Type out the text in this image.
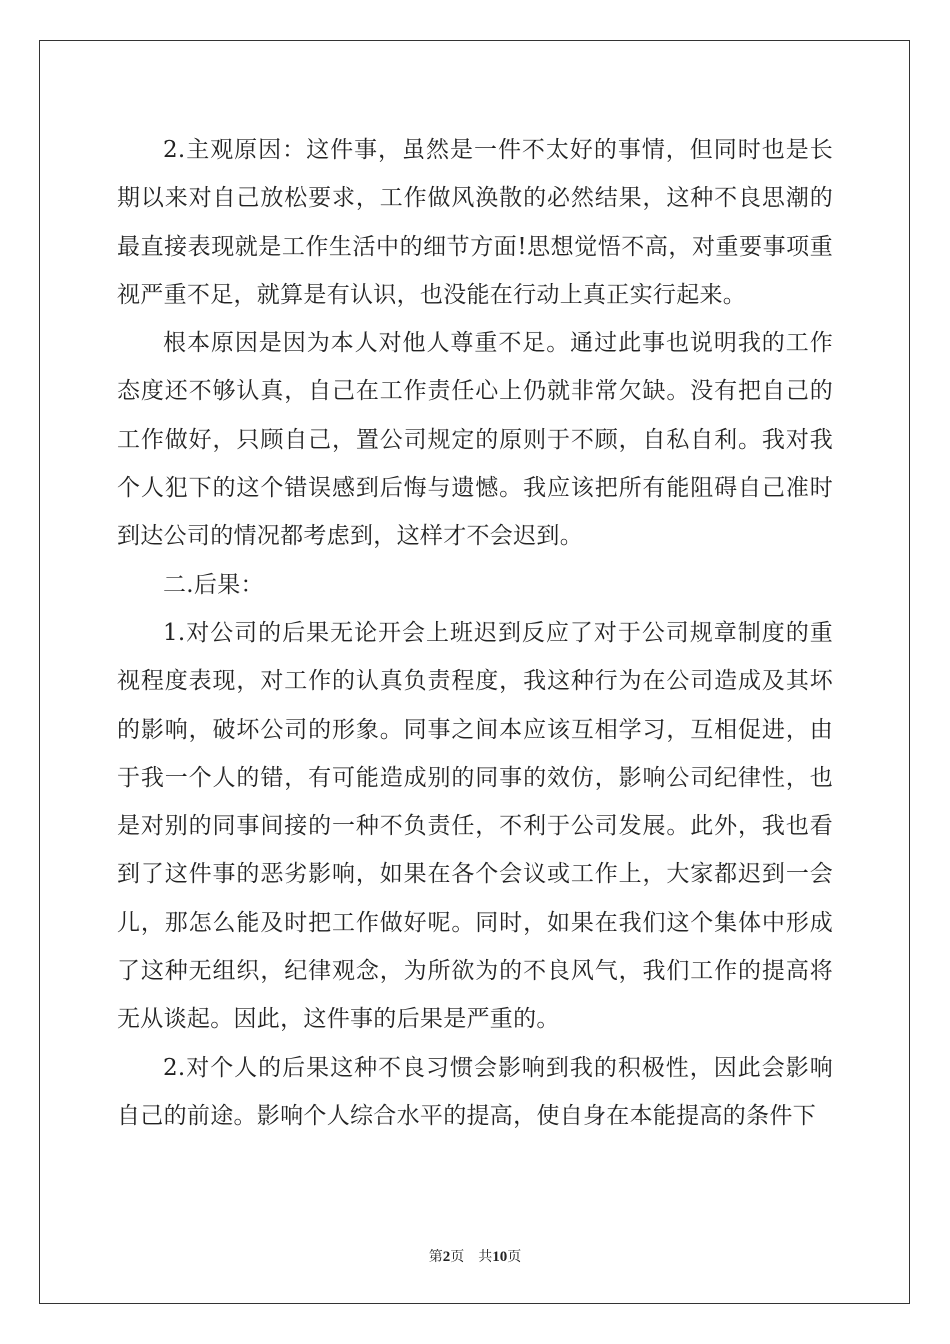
2.主观原因：这件事，虽然是一件不太好的事情，但同时也是长期以来对自己放松要求，工作做风涣散的必然结果，这种不良思潮的最直接表现就是工作生活中的细节方面!思想觉悟不高，对重要事项重视严重不足，就算是有认识，也没能在行动上真正实行起来。

根本原因是因为本人对他人尊重不足。通过此事也说明我的工作态度还不够认真，自己在工作责任心上仍就非常欠缺。没有把自己的工作做好，只顾自己，置公司规定的原则于不顾，自私自利。我对我个人犯下的这个错误感到后悔与遗憾。我应该把所有能阻碍自己准时到达公司的情况都考虑到，这样才不会迟到。

二.后果：

1.对公司的后果无论开会上班迟到反应了对于公司规章制度的重视程度表现，对工作的认真负责程度，我这种行为在公司造成及其坏的影响，破坏公司的形象。同事之间本应该互相学习，互相促进，由于我一个人的错，有可能造成别的同事的效仿，影响公司纪律性，也是对别的同事间接的一种不负责任，不利于公司发展。此外，我也看到了这件事的恶劣影响，如果在各个会议或工作上，大家都迟到一会儿，那怎么能及时把工作做好呢。同时，如果在我们这个集体中形成了这种无组织，纪律观念，为所欲为的不良风气，我们工作的提高将无从谈起。因此，这件事的后果是严重的。

2.对个人的后果这种不良习惯会影响到我的积极性，因此会影响自己的前途。影响个人综合水平的提高，使自身在本能提高的条件下

第2页 共10页
